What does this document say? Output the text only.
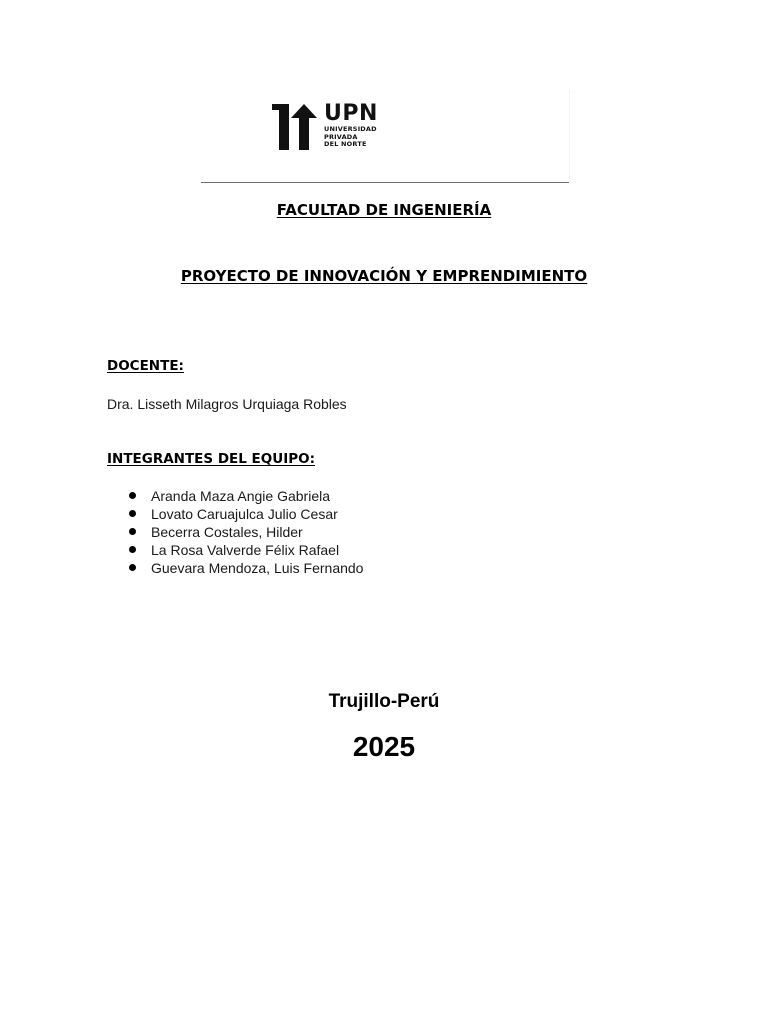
UPN
UNIVERSIDAD
PRIVADA
DEL NORTE
FACULTAD DE INGENIERÍA
PROYECTO DE INNOVACIÓN Y EMPRENDIMIENTO
DOCENTE:
Dra. Lisseth Milagros Urquiaga Robles
INTEGRANTES DEL EQUIPO:
Aranda Maza Angie Gabriela
Lovato Caruajulca Julio Cesar
Becerra Costales, Hilder
La Rosa Valverde Félix Rafael
Guevara Mendoza, Luis Fernando
Trujillo-Perú
2025
